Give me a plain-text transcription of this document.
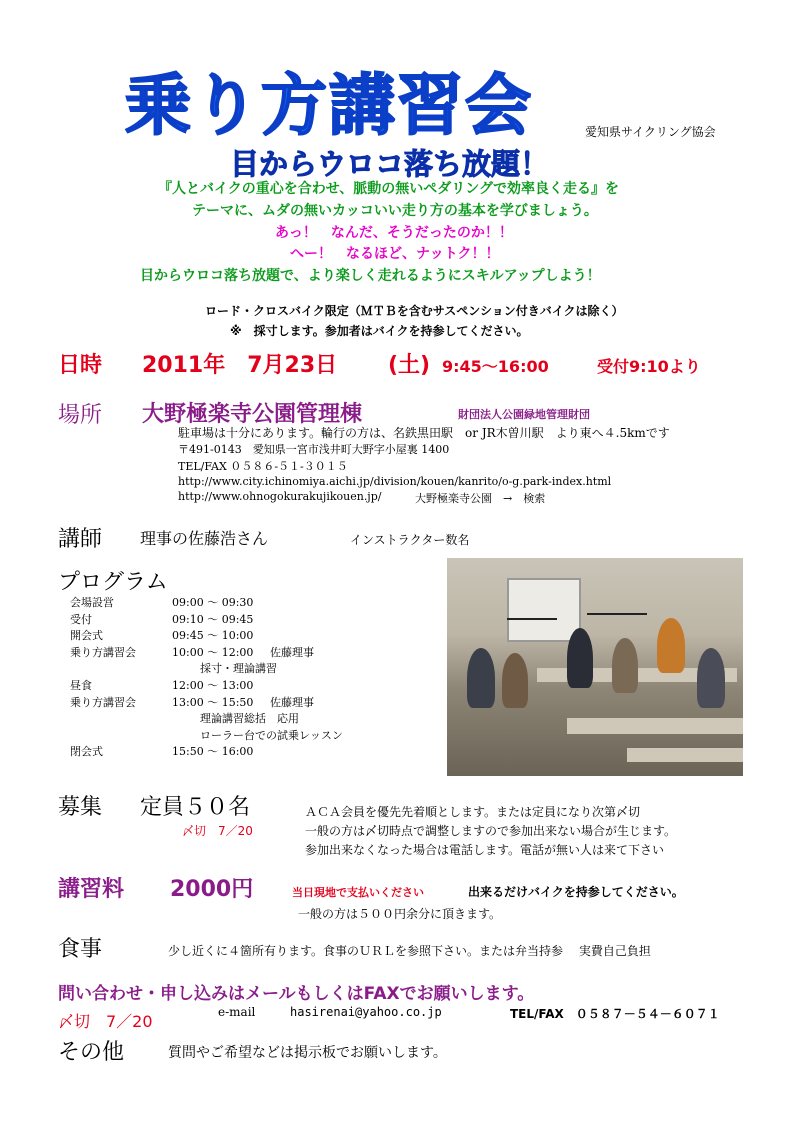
乗り方講習会	愛知県サイクリング協会
目からウロコ落ち放題！
『人とバイクの重心を合わせ、脈動の無いペダリングで効率良く走る』を
テーマに、ムダの無いカッコいい走り方の基本を学びましょう。
あっ！　なんだ、そうだったのか！！
へー！　なるほど、ナットク！！
目からウロコ落ち放題で、より楽しく走れるようにスキルアップしよう！
ロード・クロスバイク限定（ＭＴＢを含むサスペンション付きバイクは除く）
※　採寸します。参加者はバイクを持参してください。
日時 2011年　7月23日 (土) 9:45～16:00	受付9:10より
場所 大野極楽寺公園管理棟	財団法人公園緑地管理財団
駐車場は十分にあります。輪行の方は、名鉄黒田駅　or JR木曽川駅　より東へ４.5kmです
〒491-0143　愛知県一宮市浅井町大野字小屋裏 1400
TEL/FAX ０５８６-５１-３０１５
http://www.city.ichinomiya.aichi.jp/division/kouen/kanrito/o-g.park-index.html
http://www.ohnogokurakujikouen.jp/	大野極楽寺公園　→　検索
講師 理事の佐藤浩さん	インストラクター数名
プログラム
会場設営	09:00 ～ 09:30
受付	09:10 ～ 09:45
開会式	09:45 ～ 10:00
乗り方講習会	10:00 ～ 12:00 佐藤理事
採寸・理論講習
昼食	12:00 ～ 13:00
乗り方講習会	13:00 ～ 15:50 佐藤理事
理論講習総括　応用
ローラー台での試乗レッスン
閉会式	15:50 ～ 16:00
募集 定員５０名
〆切　7／20
ＡＣＡ会員を優先先着順とします。または定員になり次第〆切
一般の方は〆切時点で調整しますので参加出来ない場合が生じます。
参加出来なくなった場合は電話します。電話が無い人は来て下さい
講習料 2000円	当日現地で支払いください	出来るだけバイクを持参してください。
一般の方は５００円余分に頂きます。
食事	少し近くに４箇所有ります。食事のＵＲＬを参照下さい。または弁当持参　 実費自己負担
問い合わせ・申し込みはメールもしくはFAXでお願いします。
〆切　7／20	e-mail	hasirenai@yahoo.co.jp	TEL/FAX　０５８７－５４－６０７１
その他	質問やご希望などは掲示板でお願いします。
